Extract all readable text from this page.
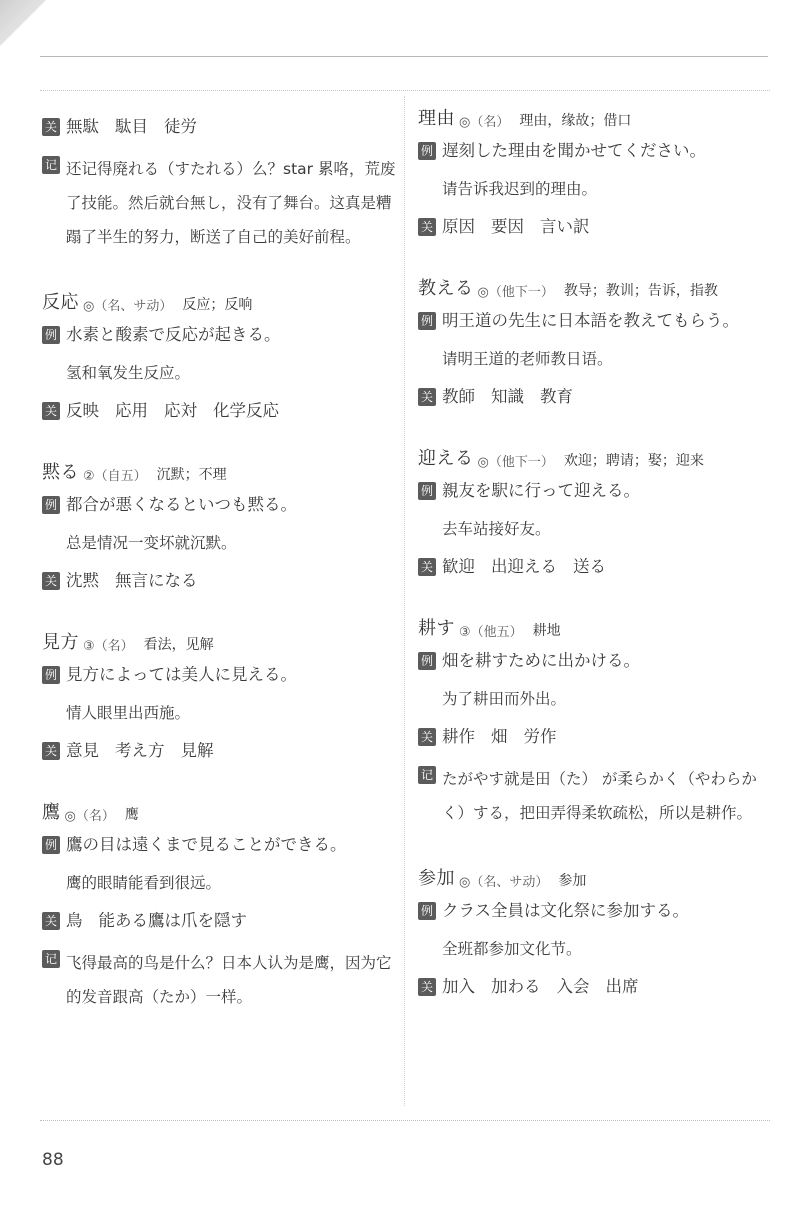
关 無駄 駄目 徒労
记 还记得廃れる（すたれる）么？star 累咯，荒废了技能。然后就台無し，没有了舞台。这真是糟蹋了半生的努力，断送了自己的美好前程。
反応 ◎（名、サ动） 反应；反响
例 水素と酸素で反応が起きる。
氢和氧发生反应。
关 反映 応用 応対 化学反応
黙る ②（自五） 沉默；不理
例 都合が悪くなるといつも黙る。
总是情况一变坏就沉默。
关 沈黙 無言になる
見方 ③（名） 看法，见解
例 見方によっては美人に見える。
情人眼里出西施。
关 意見 考え方 見解
鷹 ◎（名） 鹰
例 鷹の目は遠くまで見ることができる。
鹰的眼睛能看到很远。
关 鳥 能ある鷹は爪を隠す
记 飞得最高的鸟是什么？日本人认为是鹰，因为它的发音跟高（たか）一样。
理由 ◎（名） 理由，缘故；借口
例 遅刻した理由を聞かせてください。
请告诉我迟到的理由。
关 原因 要因 言い訳
教える ◎（他下一） 教导；教训；告诉，指教
例 明王道の先生に日本語を教えてもらう。
请明王道的老师教日语。
关 教師 知識 教育
迎える ◎（他下一） 欢迎；聘请；娶；迎来
例 親友を駅に行って迎える。
去车站接好友。
关 歓迎 出迎える 送る
耕す ③（他五） 耕地
例 畑を耕すために出かける。
为了耕田而外出。
关 耕作 畑 労作
记 たがやす就是田（た） が柔らかく（やわらかく）する，把田弄得柔软疏松，所以是耕作。
参加 ◎（名、サ动） 参加
例 クラス全員は文化祭に参加する。
全班都参加文化节。
关 加入 加わる 入会 出席
88
